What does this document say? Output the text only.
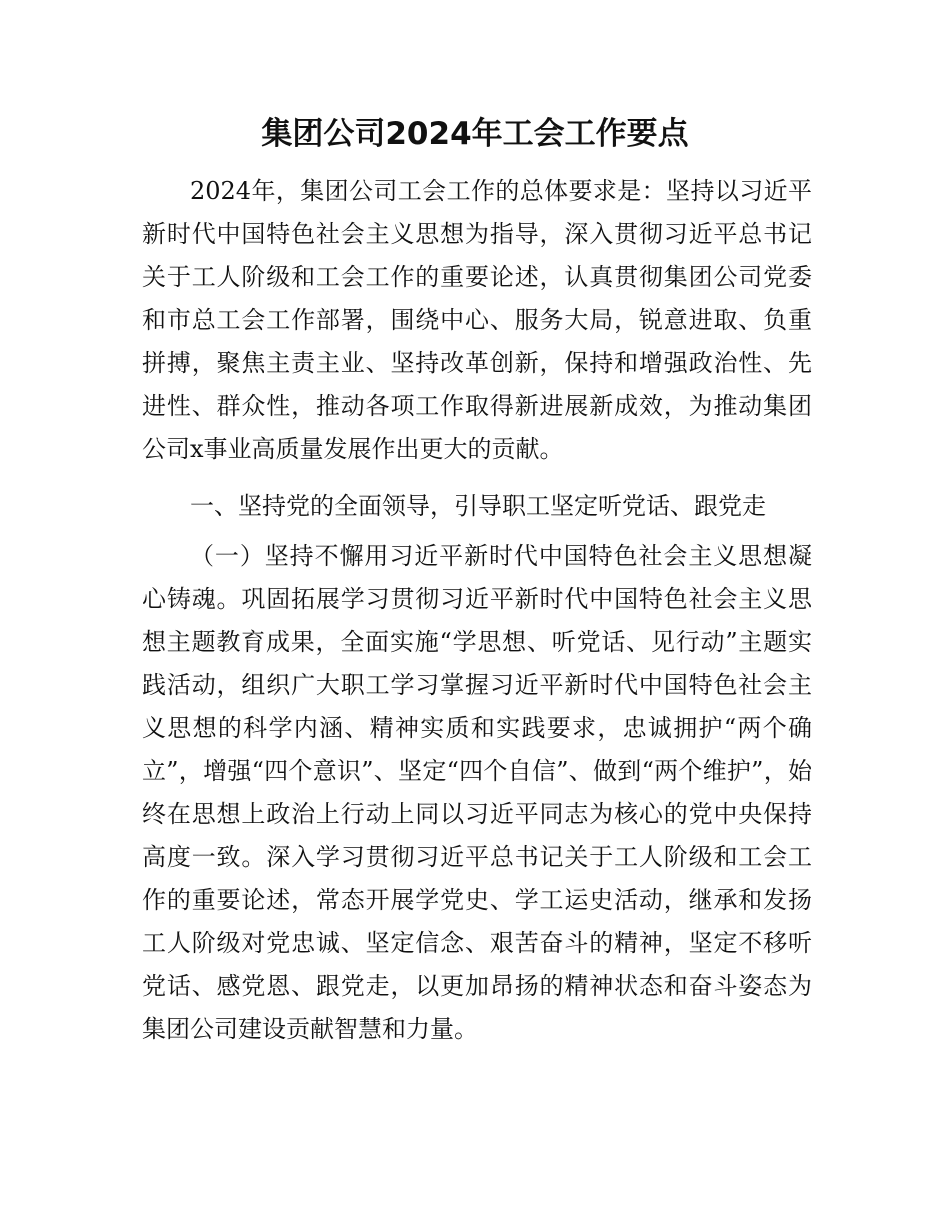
集团公司2024年工会工作要点

2024年，集团公司工会工作的总体要求是：坚持以习近平新时代中国特色社会主义思想为指导，深入贯彻习近平总书记关于工人阶级和工会工作的重要论述，认真贯彻集团公司党委和市总工会工作部署，围绕中心、服务大局，锐意进取、负重拼搏，聚焦主责主业、坚持改革创新，保持和增强政治性、先进性、群众性，推动各项工作取得新进展新成效，为推动集团公司x事业高质量发展作出更大的贡献。

一、坚持党的全面领导，引导职工坚定听党话、跟党走

（一）坚持不懈用习近平新时代中国特色社会主义思想凝心铸魂。巩固拓展学习贯彻习近平新时代中国特色社会主义思想主题教育成果，全面实施“学思想、听党话、见行动”主题实践活动，组织广大职工学习掌握习近平新时代中国特色社会主义思想的科学内涵、精神实质和实践要求，忠诚拥护“两个确立”，增强“四个意识”、坚定“四个自信”、做到“两个维护”，始终在思想上政治上行动上同以习近平同志为核心的党中央保持高度一致。深入学习贯彻习近平总书记关于工人阶级和工会工作的重要论述，常态开展学党史、学工运史活动，继承和发扬工人阶级对党忠诚、坚定信念、艰苦奋斗的精神，坚定不移听党话、感党恩、跟党走，以更加昂扬的精神状态和奋斗姿态为集团公司建设贡献智慧和力量。
